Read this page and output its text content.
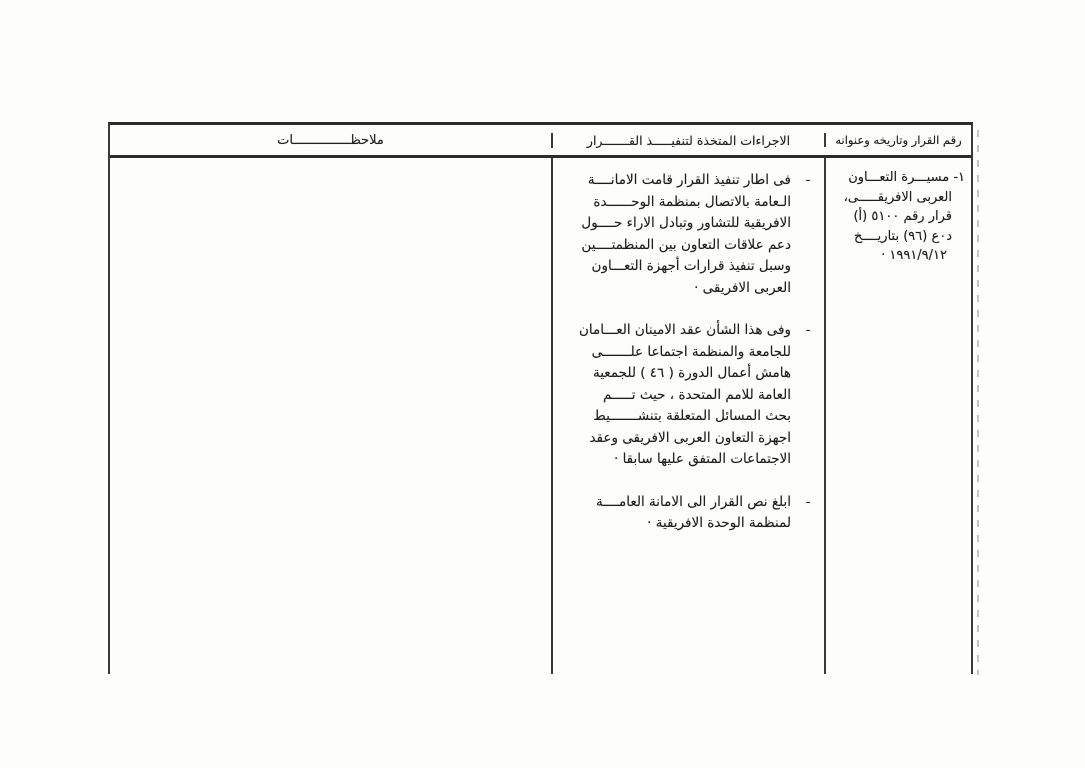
رقم القرار وتاريخه وعنوانه
الاجراءات المتخذة لتنفيـــــذ القـــــــرار
ملاحظـــــــــــــــات
١- مسيـــرة التعـــاون
العربى الافريقـــــى،
قرار رقم ٥١٠٠ (أ)
د٠ع (٩٦) بتاريــــخ
١٩٩١/٩/١٢ ·
-
فى اطار تنفيذ القرار قامت الامانــــة
الـعامة بالاتصال بمنظمة الوحــــــدة
الافريقية للتشاور وتبادل الاراء حــــول
دعم علاقات التعاون بين المنظمتــــين
وسبل تنفيذ قرارات أجهزة التعـــاون
العربى الافريقى ·
-
وفى هذا الشأن عقد الامينان العـــامان
للجامعة والمنظمة اجتماعا علـــــــى
هامش أعمال الدورة ( ٤٦ ) للجمعية
العامة للامم المتحدة ، حيث تـــــم
بحث المسائل المتعلقة بتنشـــــــيط
اجهزة التعاون العربى الافريقى وعقد
الاجتماعات المتفق عليها سابقا ·
-
ابلغ نص القرار الى الامانة العامــــة
لمنظمة الوحدة الافريقية ·
